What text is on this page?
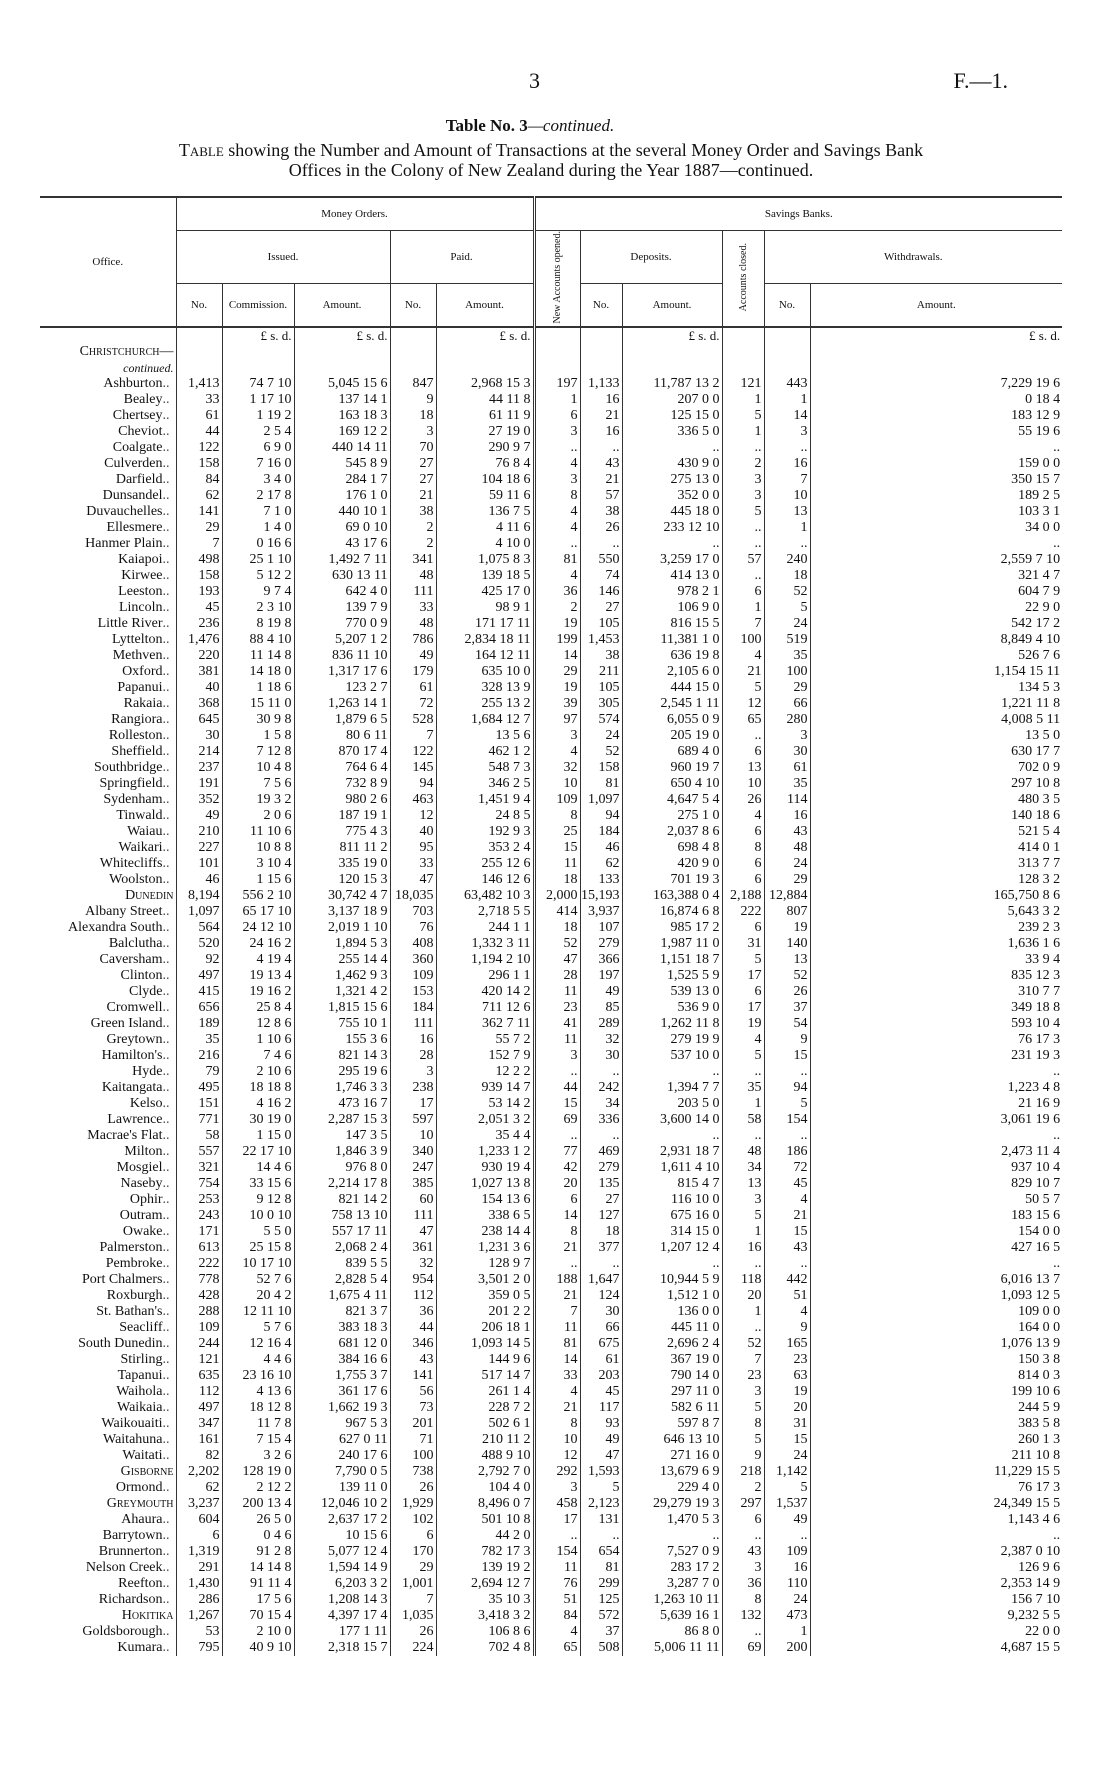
3	F.—1.
Table No. 3—continued.
Table showing the Number and Amount of Transactions at the several Money Order and Savings Bank
Offices in the Colony of New Zealand during the Year 1887—continued.
Office.	Money Orders.					Savings Banks.					
	Issued.			Paid.		New Accounts opened.	Deposits.		Accounts closed.	Withdrawals.	
	No.	Commission.	Amount.	No.	Amount.		No.	Amount.		No.	Amount.
		£ s. d.	£ s. d.		£ s. d.			£ s. d.			£ s. d.
Christchurch—											
continued.											
Ashburton ..	1,413	74 7 10	5,045 15 6	847	2,968 15 3	197	1,133	11,787 13 2	121	443	7,229 19 6
Bealey ..	33	1 17 10	137 14 1	9	44 11 8	1	16	207 0 0	1	1	0 18 4
Chertsey ..	61	1 19 2	163 18 3	18	61 11 9	6	21	125 15 0	5	14	183 12 9
Cheviot ..	44	2 5 4	169 12 2	3	27 19 0	3	16	336 5 0	1	3	55 19 6
Coalgate ..	122	6 9 0	440 14 11	70	290 9 7	..	..	..	..	..	..
Culverden ..	158	7 16 0	545 8 9	27	76 8 4	4	43	430 9 0	2	16	159 0 0
Darfield ..	84	3 4 0	284 1 7	27	104 18 6	3	21	275 13 0	3	7	350 15 7
Dunsandel ..	62	2 17 8	176 1 0	21	59 11 6	8	57	352 0 0	3	10	189 2 5
Duvauchelles ..	141	7 1 0	440 10 1	38	136 7 5	4	38	445 18 0	5	13	103 3 1
Ellesmere ..	29	1 4 0	69 0 10	2	4 11 6	4	26	233 12 10	..	1	34 0 0
Hanmer Plain ..	7	0 16 6	43 17 6	2	4 10 0	..	..	..	..	..	..
Kaiapoi ..	498	25 1 10	1,492 7 11	341	1,075 8 3	81	550	3,259 17 0	57	240	2,559 7 10
Kirwee ..	158	5 12 2	630 13 11	48	139 18 5	4	74	414 13 0	..	18	321 4 7
Leeston ..	193	9 7 4	642 4 0	111	425 17 0	36	146	978 2 1	6	52	604 7 9
Lincoln ..	45	2 3 10	139 7 9	33	98 9 1	2	27	106 9 0	1	5	22 9 0
Little River ..	236	8 19 8	770 0 9	48	171 17 11	19	105	816 15 5	7	24	542 17 2
Lyttelton ..	1,476	88 4 10	5,207 1 2	786	2,834 18 11	199	1,453	11,381 1 0	100	519	8,849 4 10
Methven ..	220	11 14 8	836 11 10	49	164 12 11	14	38	636 19 8	4	35	526 7 6
Oxford ..	381	14 18 0	1,317 17 6	179	635 10 0	29	211	2,105 6 0	21	100	1,154 15 11
Papanui ..	40	1 18 6	123 2 7	61	328 13 9	19	105	444 15 0	5	29	134 5 3
Rakaia ..	368	15 11 0	1,263 14 1	72	255 13 2	39	305	2,545 1 11	12	66	1,221 11 8
Rangiora ..	645	30 9 8	1,879 6 5	528	1,684 12 7	97	574	6,055 0 9	65	280	4,008 5 11
Rolleston ..	30	1 5 8	80 6 11	7	13 5 6	3	24	205 19 0	..	3	13 5 0
Sheffield ..	214	7 12 8	870 17 4	122	462 1 2	4	52	689 4 0	6	30	630 17 7
Southbridge ..	237	10 4 8	764 6 4	145	548 7 3	32	158	960 19 7	13	61	702 0 9
Springfield ..	191	7 5 6	732 8 9	94	346 2 5	10	81	650 4 10	10	35	297 10 8
Sydenham ..	352	19 3 2	980 2 6	463	1,451 9 4	109	1,097	4,647 5 4	26	114	480 3 5
Tinwald ..	49	2 0 6	187 19 1	12	24 8 5	8	94	275 1 0	4	16	140 18 6
Waiau ..	210	11 10 6	775 4 3	40	192 9 3	25	184	2,037 8 6	6	43	521 5 4
Waikari ..	227	10 8 8	811 11 2	95	353 2 4	15	46	698 4 8	8	48	414 0 1
Whitecliffs ..	101	3 10 4	335 19 0	33	255 12 6	11	62	420 9 0	6	24	313 7 7
Woolston ..	46	1 15 6	120 15 3	47	146 12 6	18	133	701 19 3	6	29	128 3 2
Dunedin	8,194	556 2 10	30,742 4 7	18,035	63,482 10 3	2,000	15,193	163,388 0 4	2,188	12,884	165,750 8 6
Albany Street ..	1,097	65 17 10	3,137 18 9	703	2,718 5 5	414	3,937	16,874 6 8	222	807	5,643 3 2
Alexandra South ..	564	24 12 10	2,019 1 10	76	244 1 1	18	107	985 17 2	6	19	239 2 3
Balclutha ..	520	24 16 2	1,894 5 3	408	1,332 3 11	52	279	1,987 11 0	31	140	1,636 1 6
Caversham ..	92	4 19 4	255 14 4	360	1,194 2 10	47	366	1,151 18 7	5	13	33 9 4
Clinton ..	497	19 13 4	1,462 9 3	109	296 1 1	28	197	1,525 5 9	17	52	835 12 3
Clyde ..	415	19 16 2	1,321 4 2	153	420 14 2	11	49	539 13 0	6	26	310 7 7
Cromwell ..	656	25 8 4	1,815 15 6	184	711 12 6	23	85	536 9 0	17	37	349 18 8
Green Island ..	189	12 8 6	755 10 1	111	362 7 11	41	289	1,262 11 8	19	54	593 10 4
Greytown ..	35	1 10 6	155 3 6	16	55 7 2	11	32	279 19 9	4	9	76 17 3
Hamilton's ..	216	7 4 6	821 14 3	28	152 7 9	3	30	537 10 0	5	15	231 19 3
Hyde ..	79	2 10 6	295 19 6	3	12 2 2	..	..	..	..	..	..
Kaitangata ..	495	18 18 8	1,746 3 3	238	939 14 7	44	242	1,394 7 7	35	94	1,223 4 8
Kelso ..	151	4 16 2	473 16 7	17	53 14 2	15	34	203 5 0	1	5	21 16 9
Lawrence ..	771	30 19 0	2,287 15 3	597	2,051 3 2	69	336	3,600 14 0	58	154	3,061 19 6
Macrae's Flat ..	58	1 15 0	147 3 5	10	35 4 4	..	..	..	..	..	..
Milton ..	557	22 17 10	1,846 3 9	340	1,233 1 2	77	469	2,931 18 7	48	186	2,473 11 4
Mosgiel ..	321	14 4 6	976 8 0	247	930 19 4	42	279	1,611 4 10	34	72	937 10 4
Naseby ..	754	33 15 6	2,214 17 8	385	1,027 13 8	20	135	815 4 7	13	45	829 10 7
Ophir ..	253	9 12 8	821 14 2	60	154 13 6	6	27	116 10 0	3	4	50 5 7
Outram ..	243	10 0 10	758 13 10	111	338 6 5	14	127	675 16 0	5	21	183 15 6
Owake ..	171	5 5 0	557 17 11	47	238 14 4	8	18	314 15 0	1	15	154 0 0
Palmerston ..	613	25 15 8	2,068 2 4	361	1,231 3 6	21	377	1,207 12 4	16	43	427 16 5
Pembroke ..	222	10 17 10	839 5 5	32	128 9 7	..	..	..	..	..	..
Port Chalmers ..	778	52 7 6	2,828 5 4	954	3,501 2 0	188	1,647	10,944 5 9	118	442	6,016 13 7
Roxburgh ..	428	20 4 2	1,675 4 11	112	359 0 5	21	124	1,512 1 0	20	51	1,093 12 5
St. Bathan's ..	288	12 11 10	821 3 7	36	201 2 2	7	30	136 0 0	1	4	109 0 0
Seacliff ..	109	5 7 6	383 18 3	44	206 18 1	11	66	445 11 0	..	9	164 0 0
South Dunedin ..	244	12 16 4	681 12 0	346	1,093 14 5	81	675	2,696 2 4	52	165	1,076 13 9
Stirling ..	121	4 4 6	384 16 6	43	144 9 6	14	61	367 19 0	7	23	150 3 8
Tapanui ..	635	23 16 10	1,755 3 7	141	517 14 7	33	203	790 14 0	23	63	814 0 3
Waihola ..	112	4 13 6	361 17 6	56	261 1 4	4	45	297 11 0	3	19	199 10 6
Waikaia ..	497	18 12 8	1,662 19 3	73	228 7 2	21	117	582 6 11	5	20	244 5 9
Waikouaiti ..	347	11 7 8	967 5 3	201	502 6 1	8	93	597 8 7	8	31	383 5 8
Waitahuna ..	161	7 15 4	627 0 11	71	210 11 2	10	49	646 13 10	5	15	260 1 3
Waitati ..	82	3 2 6	240 17 6	100	488 9 10	12	47	271 16 0	9	24	211 10 8
Gisborne	2,202	128 19 0	7,790 0 5	738	2,792 7 0	292	1,593	13,679 6 9	218	1,142	11,229 15 5
Ormond ..	62	2 12 2	139 11 0	26	104 4 0	3	5	229 4 0	2	5	76 17 3
Greymouth	3,237	200 13 4	12,046 10 2	1,929	8,496 0 7	458	2,123	29,279 19 3	297	1,537	24,349 15 5
Ahaura ..	604	26 5 0	2,637 17 2	102	501 10 8	17	131	1,470 5 3	6	49	1,143 4 6
Barrytown ..	6	0 4 6	10 15 6	6	44 2 0	..	..	..	..	..	..
Brunnerton ..	1,319	91 2 8	5,077 12 4	170	782 17 3	154	654	7,527 0 9	43	109	2,387 0 10
Nelson Creek ..	291	14 14 8	1,594 14 9	29	139 19 2	11	81	283 17 2	3	16	126 9 6
Reefton ..	1,430	91 11 4	6,203 3 2	1,001	2,694 12 7	76	299	3,287 7 0	36	110	2,353 14 9
Richardson ..	286	17 5 6	1,208 14 3	7	35 10 3	51	125	1,263 10 11	8	24	156 7 10
Hokitika	1,267	70 15 4	4,397 17 4	1,035	3,418 3 2	84	572	5,639 16 1	132	473	9,232 5 5
Goldsborough ..	53	2 10 0	177 1 11	26	106 8 6	4	37	86 8 0	..	1	22 0 0
Kumara ..	795	40 9 10	2,318 15 7	224	702 4 8	65	508	5,006 11 11	69	200	4,687 15 5
